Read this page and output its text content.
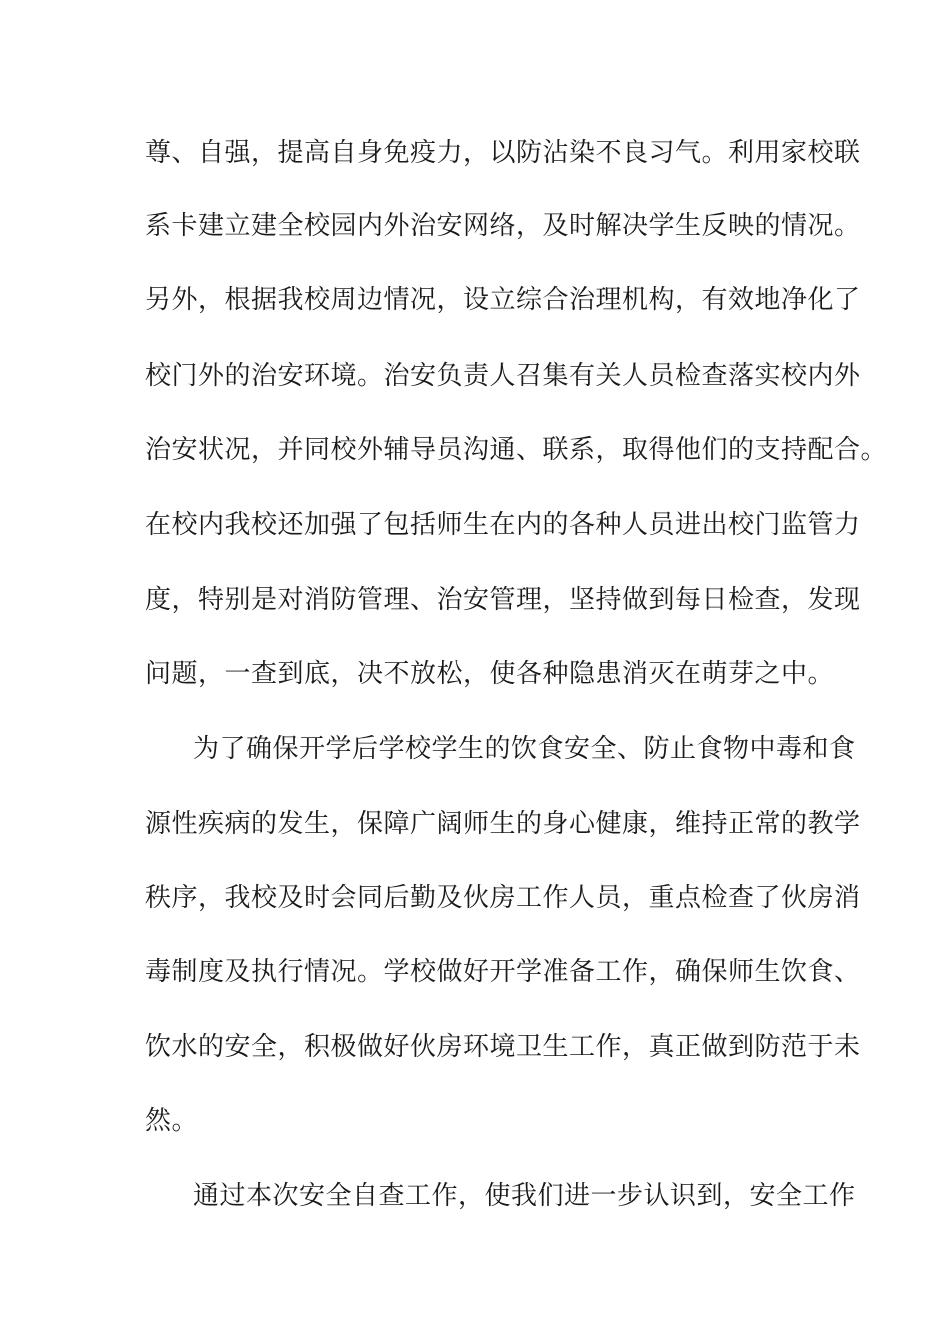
尊、自强，提高自身免疫力，以防沾染不良习气。利用家校联
系卡建立建全校园内外治安网络，及时解决学生反映的情况。
另外，根据我校周边情况，设立综合治理机构，有效地净化了
校门外的治安环境。治安负责人召集有关人员检查落实校内外
治安状况，并同校外辅导员沟通、联系，取得他们的支持配合。
在校内我校还加强了包括师生在内的各种人员进出校门监管力
度，特别是对消防管理、治安管理，坚持做到每日检查，发现
问题，一查到底，决不放松，使各种隐患消灭在萌芽之中。
为了确保开学后学校学生的饮食安全、防止食物中毒和食
源性疾病的发生，保障广阔师生的身心健康，维持正常的教学
秩序，我校及时会同后勤及伙房工作人员，重点检查了伙房消
毒制度及执行情况。学校做好开学准备工作，确保师生饮食、
饮水的安全，积极做好伙房环境卫生工作，真正做到防范于未
然。
通过本次安全自查工作，使我们进一步认识到，安全工作
